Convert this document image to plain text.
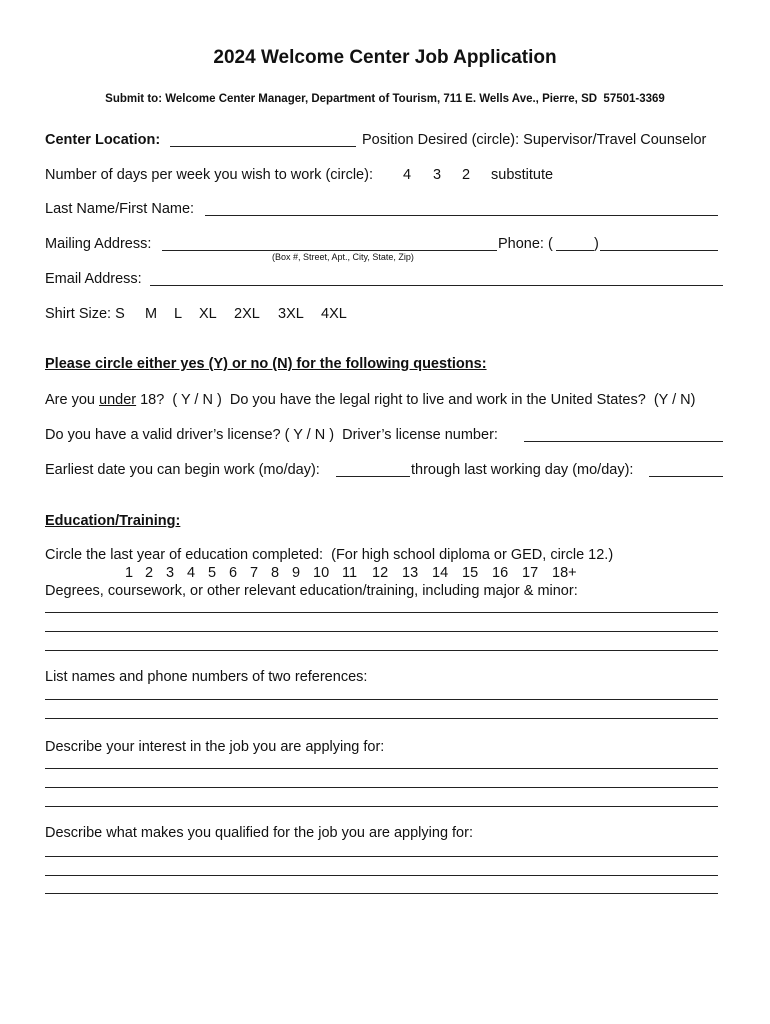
2024 Welcome Center Job Application
Submit to: Welcome Center Manager, Department of Tourism, 711 E. Wells Ave., Pierre, SD  57501-3369
Center Location:	Position Desired (circle): Supervisor/Travel Counselor
Number of days per week you wish to work (circle): 4 3 2 substitute
Last Name/First Name:
Mailing Address:	Phone: (	)
(Box #, Street, Apt., City, State, Zip)
Email Address:
Shirt Size: S M L XL 2XL 3XL 4XL
Please circle either yes (Y) or no (N) for the following questions:
Are you under 18?  ( Y / N )  Do you have the legal right to live and work in the United States?  (Y / N)
Do you have a valid driver’s license? ( Y / N )  Driver’s license number:
Earliest date you can begin work (mo/day):	through last working day (mo/day):
Education/Training:
Circle the last year of education completed:  (For high school diploma or GED, circle 12.)
1 2 3 4 5 6 7 8 9 10 11 12 13 14 15 16 17 18+
Degrees, coursework, or other relevant education/training, including major & minor:
List names and phone numbers of two references:
Describe your interest in the job you are applying for:
Describe what makes you qualified for the job you are applying for:
